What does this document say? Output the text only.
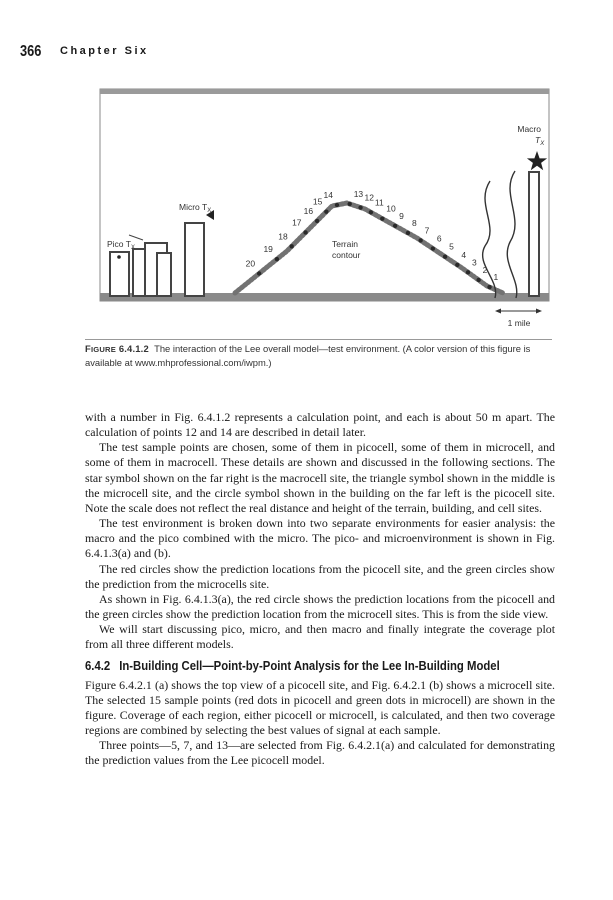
366 Chapter Six
1
2
3
4
5
6
7
8
9
10
11
12
13
14
15
16
17
18
19
20
1 mile
Macro
$T_X$
Micro $T_X$
Pico $T_X$	Terrain
contour
FIGURE 6.4.1.2 The interaction of the Lee overall model—test environment. (A color version of this figure is available at www.mhprofessional.com/iwpm.)

with a number in Fig. 6.4.1.2 represents a calculation point, and each is about 50 m apart. The calculation of points 12 and 14 are described in detail later.

The test sample points are chosen, some of them in picocell, some of them in microcell, and some of them in macrocell. These details are shown and discussed in the following sections. The star symbol shown on the far right is the macrocell site, the triangle symbol shown in the middle is the microcell site, and the circle symbol shown in the building on the far left is the picocell site. Note the scale does not reflect the real distance and height of the terrain, building, and cell sites.

The test environment is broken down into two separate environments for easier analysis: the macro and the pico combined with the micro. The pico- and microenvironment is shown in Fig. 6.4.1.3(a) and (b).

The red circles show the prediction locations from the picocell site, and the green circles show the prediction from the microcells site.

As shown in Fig. 6.4.1.3(a), the red circle shows the prediction locations from the picocell and the green circles show the prediction location from the microcell sites. This is from the side view.

We will start discussing pico, micro, and then macro and finally integrate the coverage plot from all three different models.

6.4.2 In-Building Cell—Point-by-Point Analysis for the Lee In-Building Model

Figure 6.4.2.1 (a) shows the top view of a picocell site, and Fig. 6.4.2.1 (b) shows a microcell site. The selected 15 sample points (red dots in picocell and green dots in microcell) are shown in the figure. Coverage of each region, either picocell or microcell, is calculated, and then two coverage regions are combined by selecting the best values of signal at each sample.

Three points—5, 7, and 13—are selected from Fig. 6.4.2.1(a) and calculated for demonstrating the prediction values from the Lee picocell model.
